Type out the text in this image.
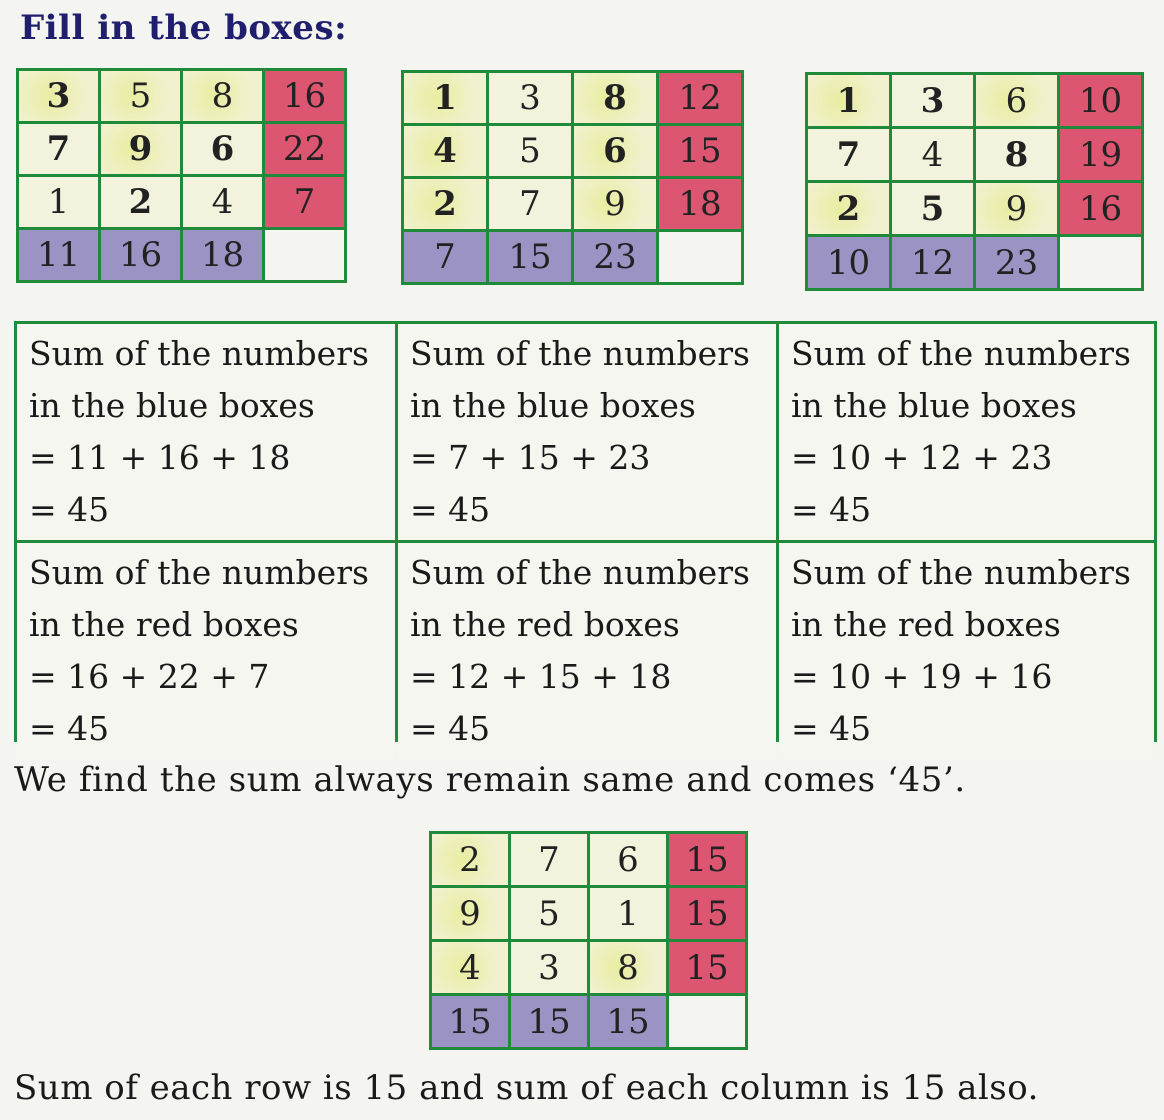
Fill in the boxes:
3	5	8	16
7	9	6	22
1	2	4	7
11	16	18
1	3	8	12
4	5	6	15
2	7	9	18
7	15	23
1	3	6	10
7	4	8	19
2	5	9	16
10	12	23
Sum of the numbers
in the blue boxes
= 11 + 16 + 18
= 45
Sum of the numbers
in the blue boxes
= 7 + 15 + 23
= 45
Sum of the numbers
in the blue boxes
= 10 + 12 + 23
= 45
Sum of the numbers
in the red boxes
= 16 + 22 + 7
= 45
Sum of the numbers
in the red boxes
= 12 + 15 + 18
= 45
Sum of the numbers
in the red boxes
= 10 + 19 + 16
= 45
We find the sum always remain same and comes ‘45’.
2	7	6	15
9	5	1	15
4	3	8	15
15	15	15
Sum of each row is 15 and sum of each column is 15 also.
